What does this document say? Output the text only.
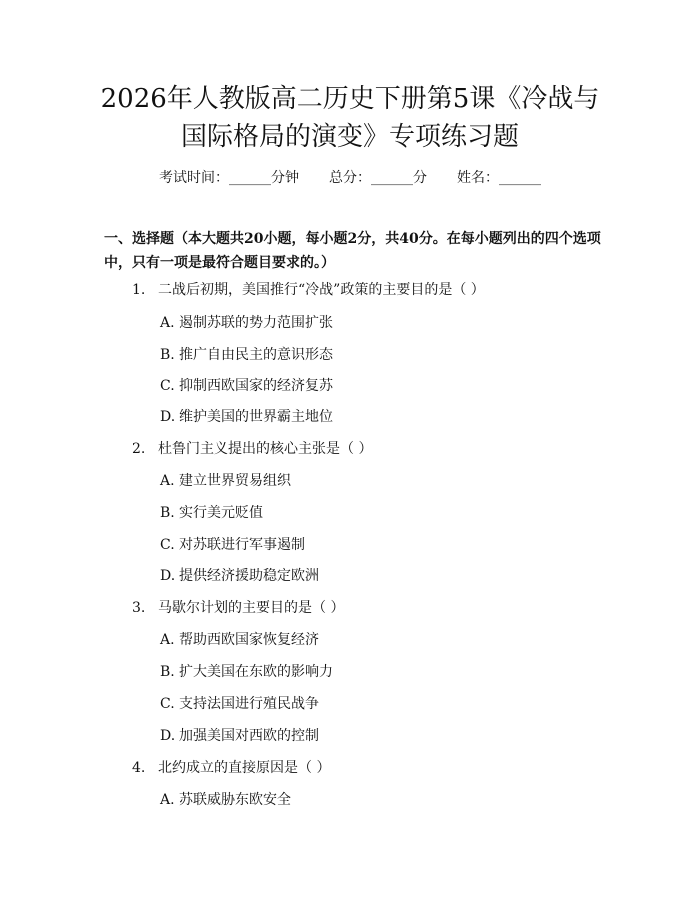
2026年人教版高二历史下册第5课《冷战与
国际格局的演变》专项练习题
考试时间：______分钟 总分：______分 姓名：______

一、选择题（本大题共20小题，每小题2分，共40分。在每小题列出的四个选项中，只有一项是最符合题目要求的。）

1. 二战后初期，美国推行“冷战”政策的主要目的是（ ）
A. 遏制苏联的势力范围扩张
B. 推广自由民主的意识形态
C. 抑制西欧国家的经济复苏
D. 维护美国的世界霸主地位
2. 杜鲁门主义提出的核心主张是（ ）
A. 建立世界贸易组织
B. 实行美元贬值
C. 对苏联进行军事遏制
D. 提供经济援助稳定欧洲
3. 马歇尔计划的主要目的是（ ）
A. 帮助西欧国家恢复经济
B. 扩大美国在东欧的影响力
C. 支持法国进行殖民战争
D. 加强美国对西欧的控制
4. 北约成立的直接原因是（ ）
A. 苏联威胁东欧安全
